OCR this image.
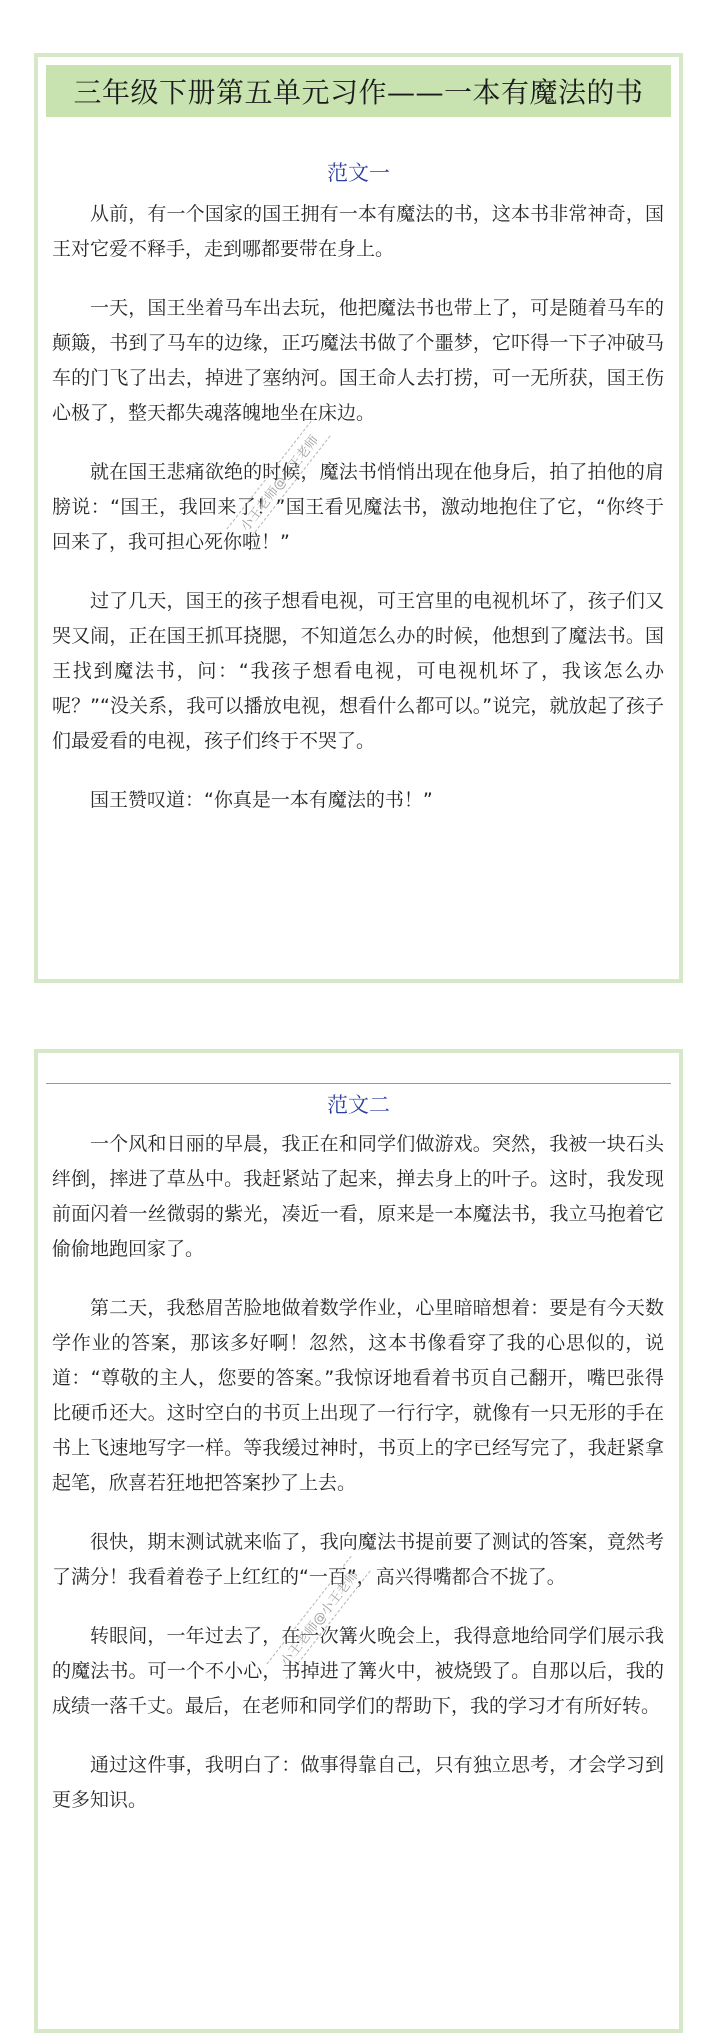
三年级下册第五单元习作——一本有魔法的书
范文一

从前，有一个国家的国王拥有一本有魔法的书，这本书非常神奇，国王对它爱不释手，走到哪都要带在身上。

一天，国王坐着马车出去玩，他把魔法书也带上了，可是随着马车的颠簸，书到了马车的边缘，正巧魔法书做了个噩梦，它吓得一下子冲破马车的门飞了出去，掉进了塞纳河。国王命人去打捞，可一无所获，国王伤心极了，整天都失魂落魄地坐在床边。

就在国王悲痛欲绝的时候，魔法书悄悄出现在他身后，拍了拍他的肩膀说：“国王，我回来了！”国王看见魔法书，激动地抱住了它，“你终于回来了，我可担心死你啦！”

过了几天，国王的孩子想看电视，可王宫里的电视机坏了，孩子们又哭又闹，正在国王抓耳挠腮，不知道怎么办的时候，他想到了魔法书。国王找到魔法书，问：“我孩子想看电视，可电视机坏了，我该怎么办呢？”“没关系，我可以播放电视，想看什么都可以。”说完，就放起了孩子们最爱看的电视，孩子们终于不哭了。

国王赞叹道：“你真是一本有魔法的书！”

范文二

一个风和日丽的早晨，我正在和同学们做游戏。突然，我被一块石头绊倒，摔进了草丛中。我赶紧站了起来，掸去身上的叶子。这时，我发现前面闪着一丝微弱的紫光，凑近一看，原来是一本魔法书，我立马抱着它偷偷地跑回家了。

第二天，我愁眉苦脸地做着数学作业，心里暗暗想着：要是有今天数学作业的答案，那该多好啊！忽然，这本书像看穿了我的心思似的，说道：“尊敬的主人，您要的答案。”我惊讶地看着书页自己翻开，嘴巴张得比硬币还大。这时空白的书页上出现了一行行字，就像有一只无形的手在书上飞速地写字一样。等我缓过神时，书页上的字已经写完了，我赶紧拿起笔，欣喜若狂地把答案抄了上去。

很快，期末测试就来临了，我向魔法书提前要了测试的答案，竟然考了满分！我看着卷子上红红的“一百”，高兴得嘴都合不拢了。

转眼间，一年过去了，在一次篝火晚会上，我得意地给同学们展示我的魔法书。可一个不小心，书掉进了篝火中，被烧毁了。自那以后，我的成绩一落千丈。最后，在老师和同学们的帮助下，我的学习才有所好转。

通过这件事，我明白了：做事得靠自己，只有独立思考，才会学习到更多知识。

小王老师@小王老师
小王老师@小王老师
